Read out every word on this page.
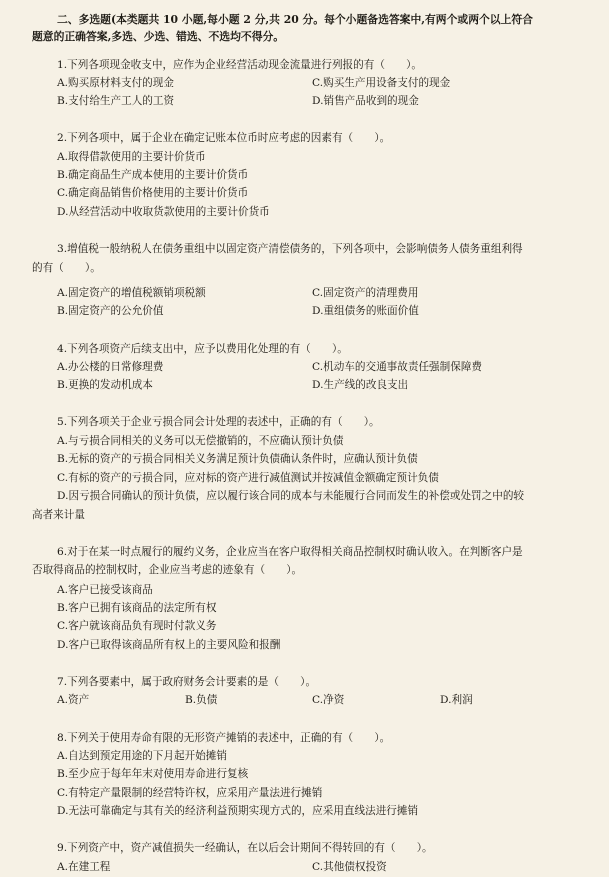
二、多选题(本类题共 10 小题,每小题 2 分,共 20 分。每个小题备选答案中,有两个或两个以上符合
题意的正确答案,多选、少选、错选、不选均不得分。
1.下列各项现金收支中，应作为企业经营活动现金流量进行列报的有（　　）。
A.购买原材料支付的现金	C.购买生产用设备支付的现金
B.支付给生产工人的工资	D.销售产品收到的现金
2.下列各项中，属于企业在确定记账本位币时应考虑的因素有（　　）。
A.取得借款使用的主要计价货币
B.确定商品生产成本使用的主要计价货币
C.确定商品销售价格使用的主要计价货币
D.从经营活动中收取货款使用的主要计价货币
3.增值税一般纳税人在债务重组中以固定资产清偿债务的，下列各项中，会影响债务人债务重组利得
的有（　　）。
A.固定资产的增值税额销项税额	C.固定资产的清理费用
B.固定资产的公允价值	D.重组债务的账面价值
4.下列各项资产后续支出中，应予以费用化处理的有（　　）。
A.办公楼的日常修理费	C.机动车的交通事故责任强制保障费
B.更换的发动机成本	D.生产线的改良支出
5.下列各项关于企业亏损合同会计处理的表述中，正确的有（　　）。
A.与亏损合同相关的义务可以无偿撤销的，不应确认预计负债
B.无标的资产的亏损合同相关义务满足预计负债确认条件时，应确认预计负债
C.有标的资产的亏损合同，应对标的资产进行减值测试并按减值金额确定预计负债
D.因亏损合同确认的预计负债，应以履行该合同的成本与未能履行合同而发生的补偿或处罚之中的较
高者来计量
6.对于在某一时点履行的履约义务，企业应当在客户取得相关商品控制权时确认收入。在判断客户是
否取得商品的控制权时，企业应当考虑的迹象有（　　）。
A.客户已接受该商品
B.客户已拥有该商品的法定所有权
C.客户就该商品负有现时付款义务
D.客户已取得该商品所有权上的主要风险和报酬
7.下列各要素中，属于政府财务会计要素的是（　　）。
A.资产	B.负债	C.净资	D.利润
8.下列关于使用寿命有限的无形资产摊销的表述中，正确的有（　　）。
A.自达到预定用途的下月起开始摊销
B.至少应于每年年末对使用寿命进行复核
C.有特定产量限制的经营特许权，应采用产量法进行摊销
D.无法可靠确定与其有关的经济利益预期实现方式的，应采用直线法进行摊销
9.下列资产中，资产减值损失一经确认，在以后会计期间不得转回的有（　　）。
A.在建工程	C.其他债权投资
